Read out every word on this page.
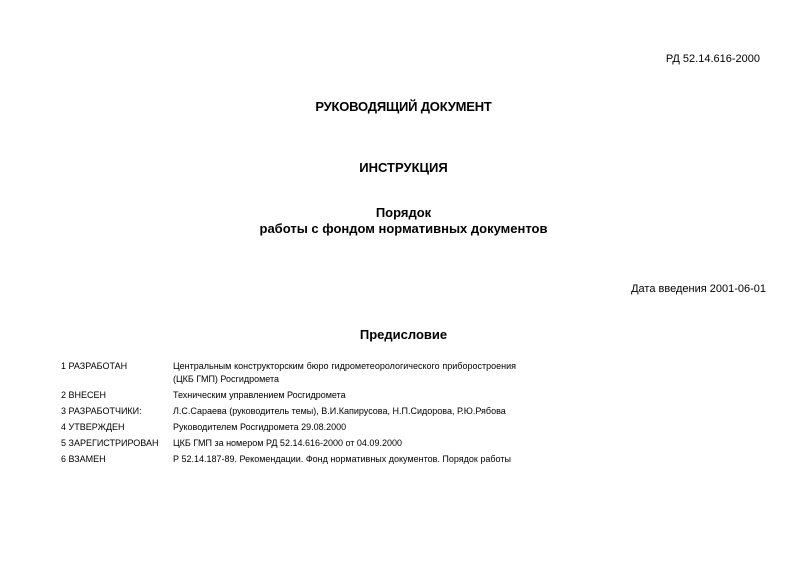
РД 52.14.616-2000
РУКОВОДЯЩИЙ ДОКУМЕНТ
ИНСТРУКЦИЯ
Порядок
работы с фондом нормативных документов
Дата введения 2001-06-01
Предисловие
1 РАЗРАБОТАН	Центральным конструкторским бюро гидрометеорологического приборостроения (ЦКБ ГМП) Росгидромета
2 ВНЕСЕН	Техническим управлением Росгидромета
3 РАЗРАБОТЧИКИ:	Л.С.Сараева (руководитель темы), В.И.Капирусова, Н.П.Сидорова, Р.Ю.Рябова
4 УТВЕРЖДЕН	Руководителем Росгидромета 29.08.2000
5 ЗАРЕГИСТРИРОВАН	ЦКБ ГМП за номером РД 52.14.616-2000 от 04.09.2000
6 ВЗАМЕН	Р 52.14.187-89. Рекомендации. Фонд нормативных документов. Порядок работы
